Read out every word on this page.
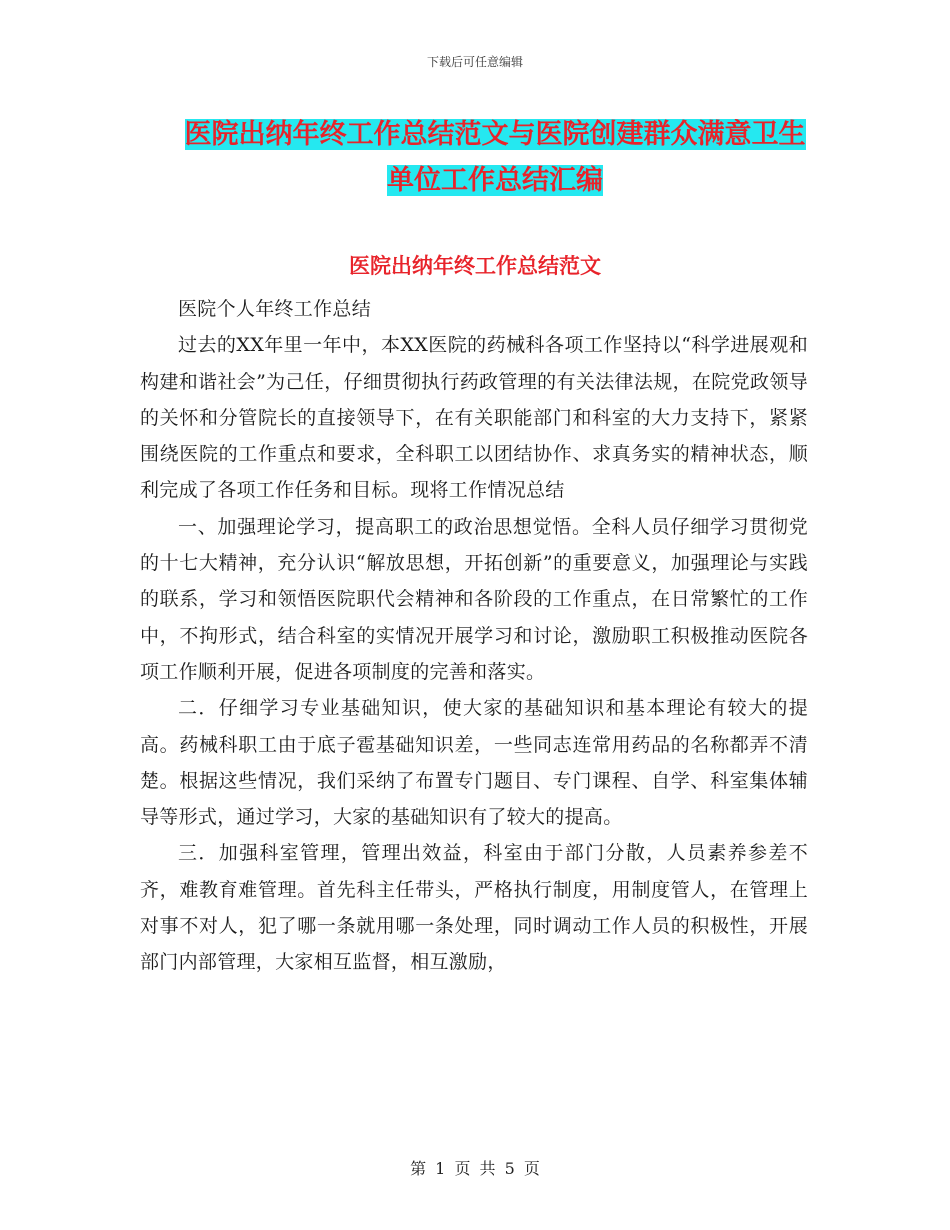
下载后可任意编辑
医院出纳年终工作总结范文与医院创建群众满意卫生
单位工作总结汇编
医院出纳年终工作总结范文

医院个人年终工作总结

过去的XX年里一年中，本XX医院的药械科各项工作坚持以“科学进展观和构建和谐社会”为己任，仔细贯彻执行药政管理的有关法律法规，在院党政领导的关怀和分管院长的直接领导下，在有关职能部门和科室的大力支持下，紧紧围绕医院的工作重点和要求，全科职工以团结协作、求真务实的精神状态，顺利完成了各项工作任务和目标。现将工作情况总结

一、加强理论学习，提高职工的政治思想觉悟。全科人员仔细学习贯彻党的十七大精神，充分认识“解放思想，开拓创新”的重要意义，加强理论与实践的联系，学习和领悟医院职代会精神和各阶段的工作重点，在日常繁忙的工作中，不拘形式，结合科室的实情况开展学习和讨论，激励职工积极推动医院各项工作顺利开展，促进各项制度的完善和落实。

二．仔细学习专业基础知识，使大家的基础知识和基本理论有较大的提高。药械科职工由于底子雹基础知识差，一些同志连常用药品的名称都弄不清楚。根据这些情况，我们采纳了布置专门题目、专门课程、自学、科室集体辅导等形式，通过学习，大家的基础知识有了较大的提高。

三．加强科室管理，管理出效益，科室由于部门分散，人员素养参差不齐，难教育难管理。首先科主任带头，严格执行制度，用制度管人，在管理上对事不对人，犯了哪一条就用哪一条处理，同时调动工作人员的积极性，开展部门内部管理，大家相互监督，相互激励，

第 1 页 共 5 页
